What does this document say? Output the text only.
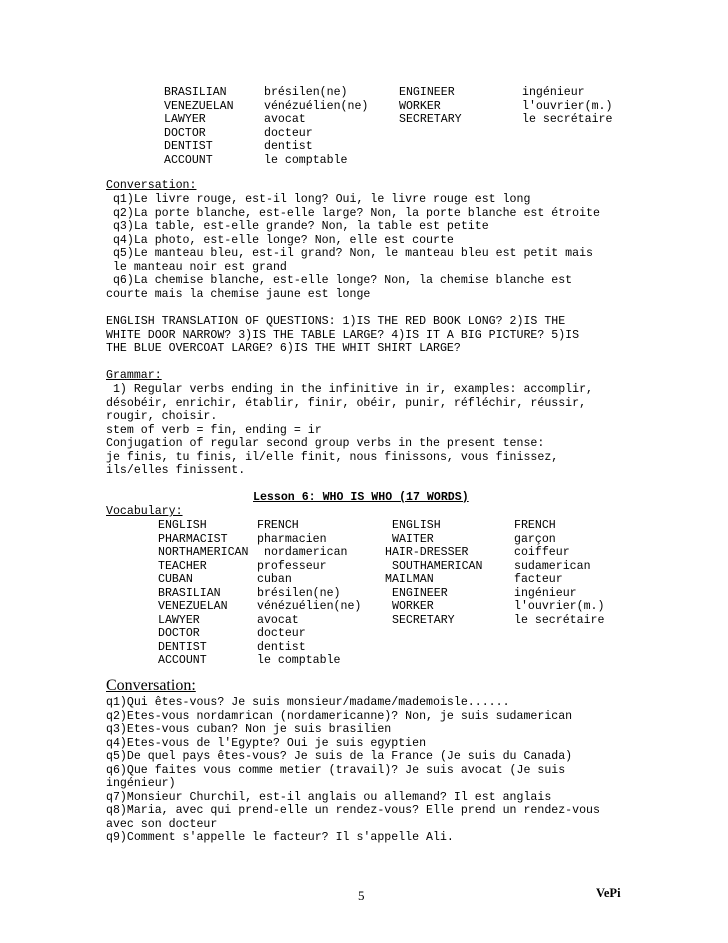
BRASILIAN	brésilen(ne)	ENGINEER	ingénieur
VENEZUELAN	vénézuélien(ne)	WORKER	l'ouvrier(m.)
LAWYER	avocat	SECRETARY	le secrétaire
DOCTOR	docteur
DENTIST	dentist
ACCOUNT	le comptable
Conversation:
q1)Le livre rouge, est-il long? Oui, le livre rouge est long
q2)La porte blanche, est-elle large? Non, la porte blanche est étroite
q3)La table, est-elle grande? Non, la table est petite
q4)La photo, est-elle longe? Non, elle est courte
q5)Le manteau bleu, est-il grand? Non, le manteau bleu est petit mais
le manteau noir est grand
q6)La chemise blanche, est-elle longe? Non, la chemise blanche est
courte mais la chemise jaune est longe
ENGLISH TRANSLATION OF QUESTIONS: 1)IS THE RED BOOK LONG? 2)IS THE
WHITE DOOR NARROW? 3)IS THE TABLE LARGE? 4)IS IT A BIG PICTURE? 5)IS
THE BLUE OVERCOAT LARGE? 6)IS THE WHIT SHIRT LARGE?
Grammar:
1) Regular verbs ending in the infinitive in ir, examples: accomplir,
désobéir, enrichir, établir, finir, obéir, punir, réfléchir, réussir,
rougir, choisir.
stem of verb = fin, ending = ir
Conjugation of regular second group verbs in the present tense:
je finis, tu finis, il/elle finit, nous finissons, vous finissez,
ils/elles finissent.
Lesson 6: WHO IS WHO (17 WORDS)
Vocabulary:
ENGLISH	FRENCH	ENGLISH	FRENCH
PHARMACIST	pharmacien	WAITER	garçon
NORTHAMERICAN nordamerican	HAIR-DRESSER	coiffeur
TEACHER	professeur	SOUTHAMERICAN	sudamerican
CUBAN	cuban	MAILMAN	facteur
BRASILIAN	brésilen(ne)	ENGINEER	ingénieur
VENEZUELAN	vénézuélien(ne)	WORKER	l'ouvrier(m.)
LAWYER	avocat	SECRETARY	le secrétaire
DOCTOR	docteur
DENTIST	dentist
ACCOUNT	le comptable
Conversation:
q1)Qui êtes-vous? Je suis monsieur/madame/mademoisle......
q2)Etes-vous nordamrican (nordamericanne)? Non, je suis sudamerican
q3)Etes-vous cuban? Non je suis brasilien
q4)Etes-vous de l'Egypte? Oui je suis egyptien
q5)De quel pays êtes-vous? Je suis de la France (Je suis du Canada)
q6)Que faites vous comme metier (travail)? Je suis avocat (Je suis
ingénieur)
q7)Monsieur Churchil, est-il anglais ou allemand? Il est anglais
q8)Maria, avec qui prend-elle un rendez-vous? Elle prend un rendez-vous
avec son docteur
q9)Comment s'appelle le facteur? Il s'appelle Ali.
5	VePi
